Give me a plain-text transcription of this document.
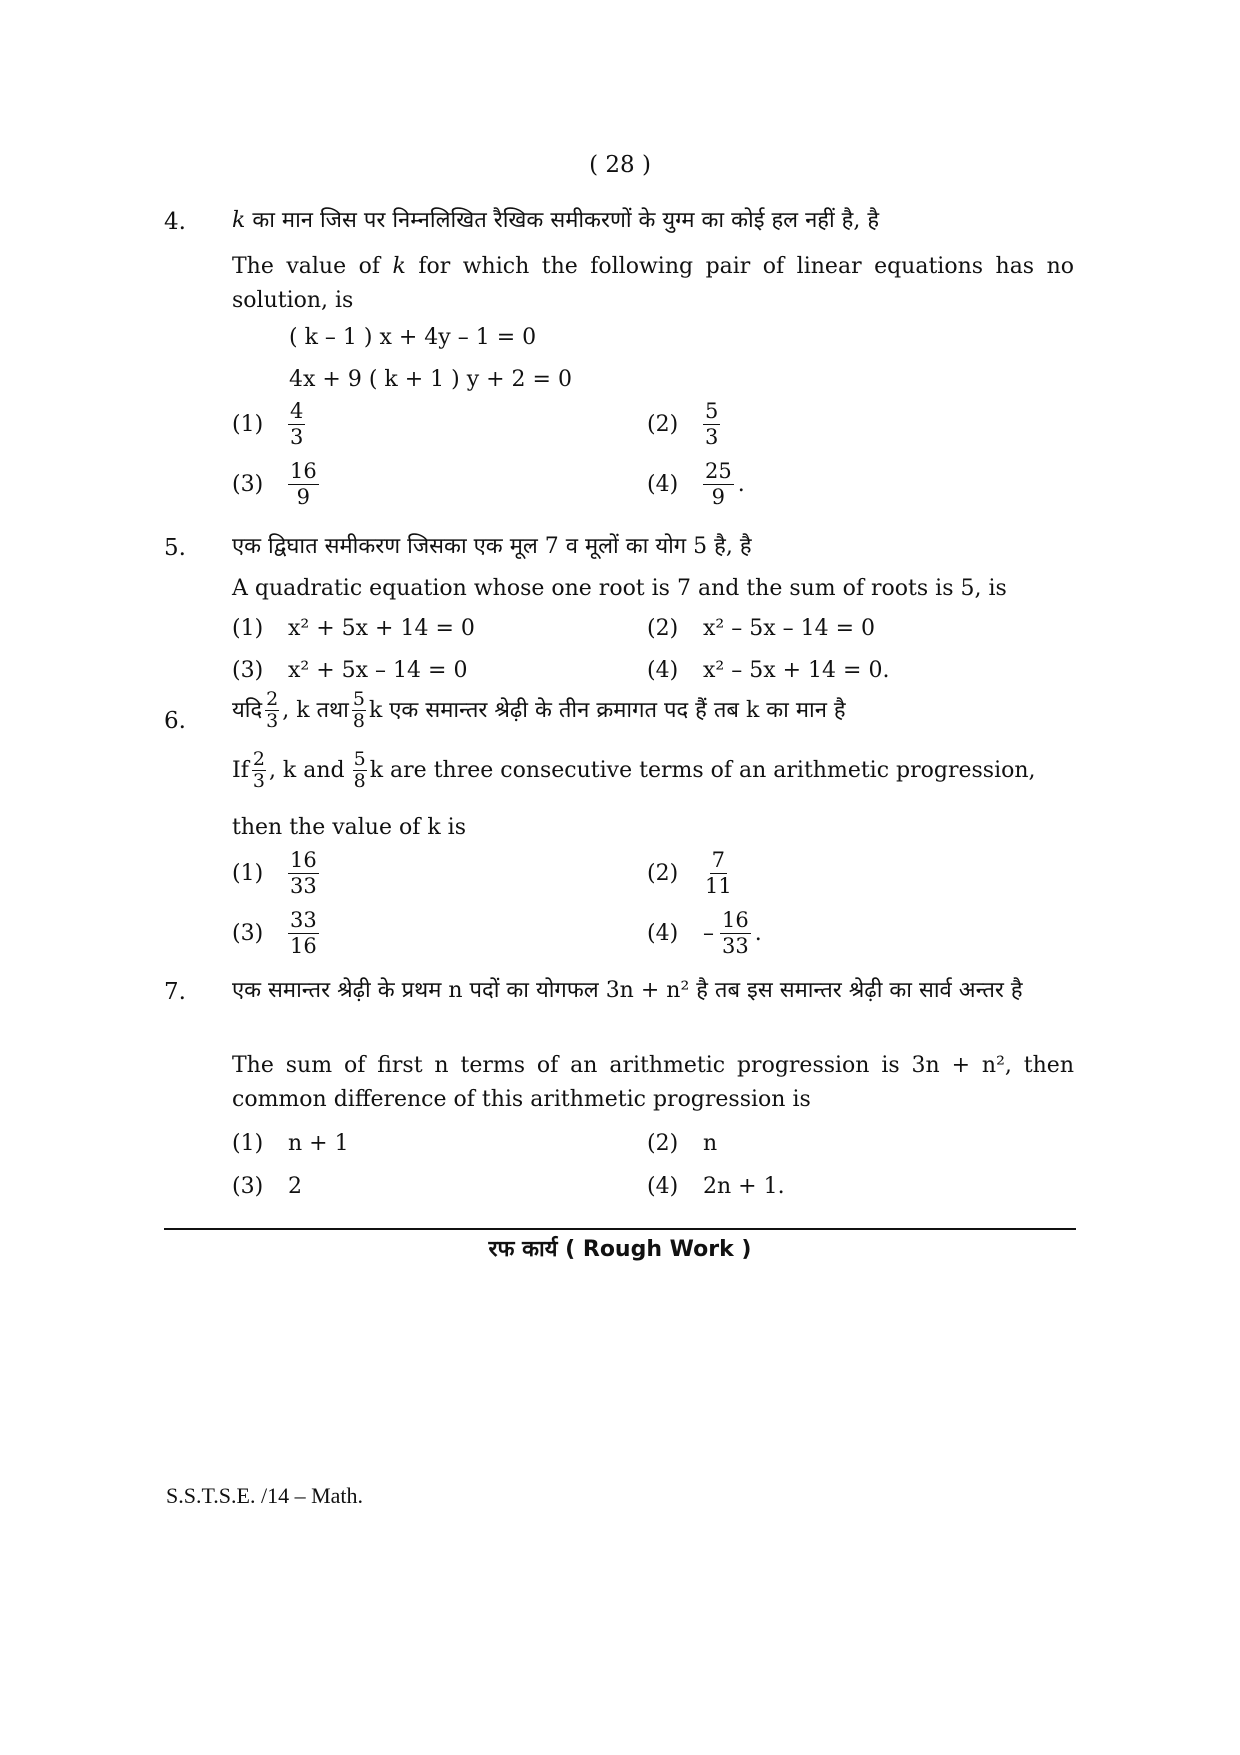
( 28 )
4. k का मान जिस पर निम्नलिखित रैखिक समीकरणों के युग्म का कोई हल नहीं है, है
The value of k for which the following pair of linear equations has no solution, is
( k – 1 ) x + 4y – 1 = 0
4x + 9 ( k + 1 ) y + 2 = 0
(1)	$\frac{4}{3}$	(2)	$\frac{5}{3}$
(3)	$\frac{16}{9}$	(4)	$\frac{25}{9}$ .
5. एक द्विघात समीकरण जिसका एक मूल 7 व मूलों का योग 5 है, है
A quadratic equation whose one root is 7 and the sum of roots is 5, is
(1)	x² + 5x + 14 = 0	(2)	x² – 5x – 14 = 0
(3)	x² + 5x – 14 = 0	(4)	x² – 5x + 14 = 0.
6. यदि $\frac{2}{3}$ , k तथा $\frac{5}{8}$ k एक समान्तर श्रेढ़ी के तीन क्रमागत पद हैं तब k का मान है
If $\frac{2}{3}$ , k and $\frac{5}{8}$ k are three consecutive terms of an arithmetic progression,
then the value of k is
(1)	$\frac{16}{33}$	(2)	$\frac{7}{11}$
(3)	$\frac{33}{16}$	(4)	– $\frac{16}{33}$ .
7. एक समान्तर श्रेढ़ी के प्रथम n पदों का योगफल 3n + n² है तब इस समान्तर श्रेढ़ी का सार्व अन्तर है
The sum of first n terms of an arithmetic progression is 3n + n², then common difference of this arithmetic progression is
(1)	n + 1	(2)	n
(3)	2	(4)	2n + 1.
रफ कार्य ( Rough Work )
S.S.T.S.E. /14 – Math.
